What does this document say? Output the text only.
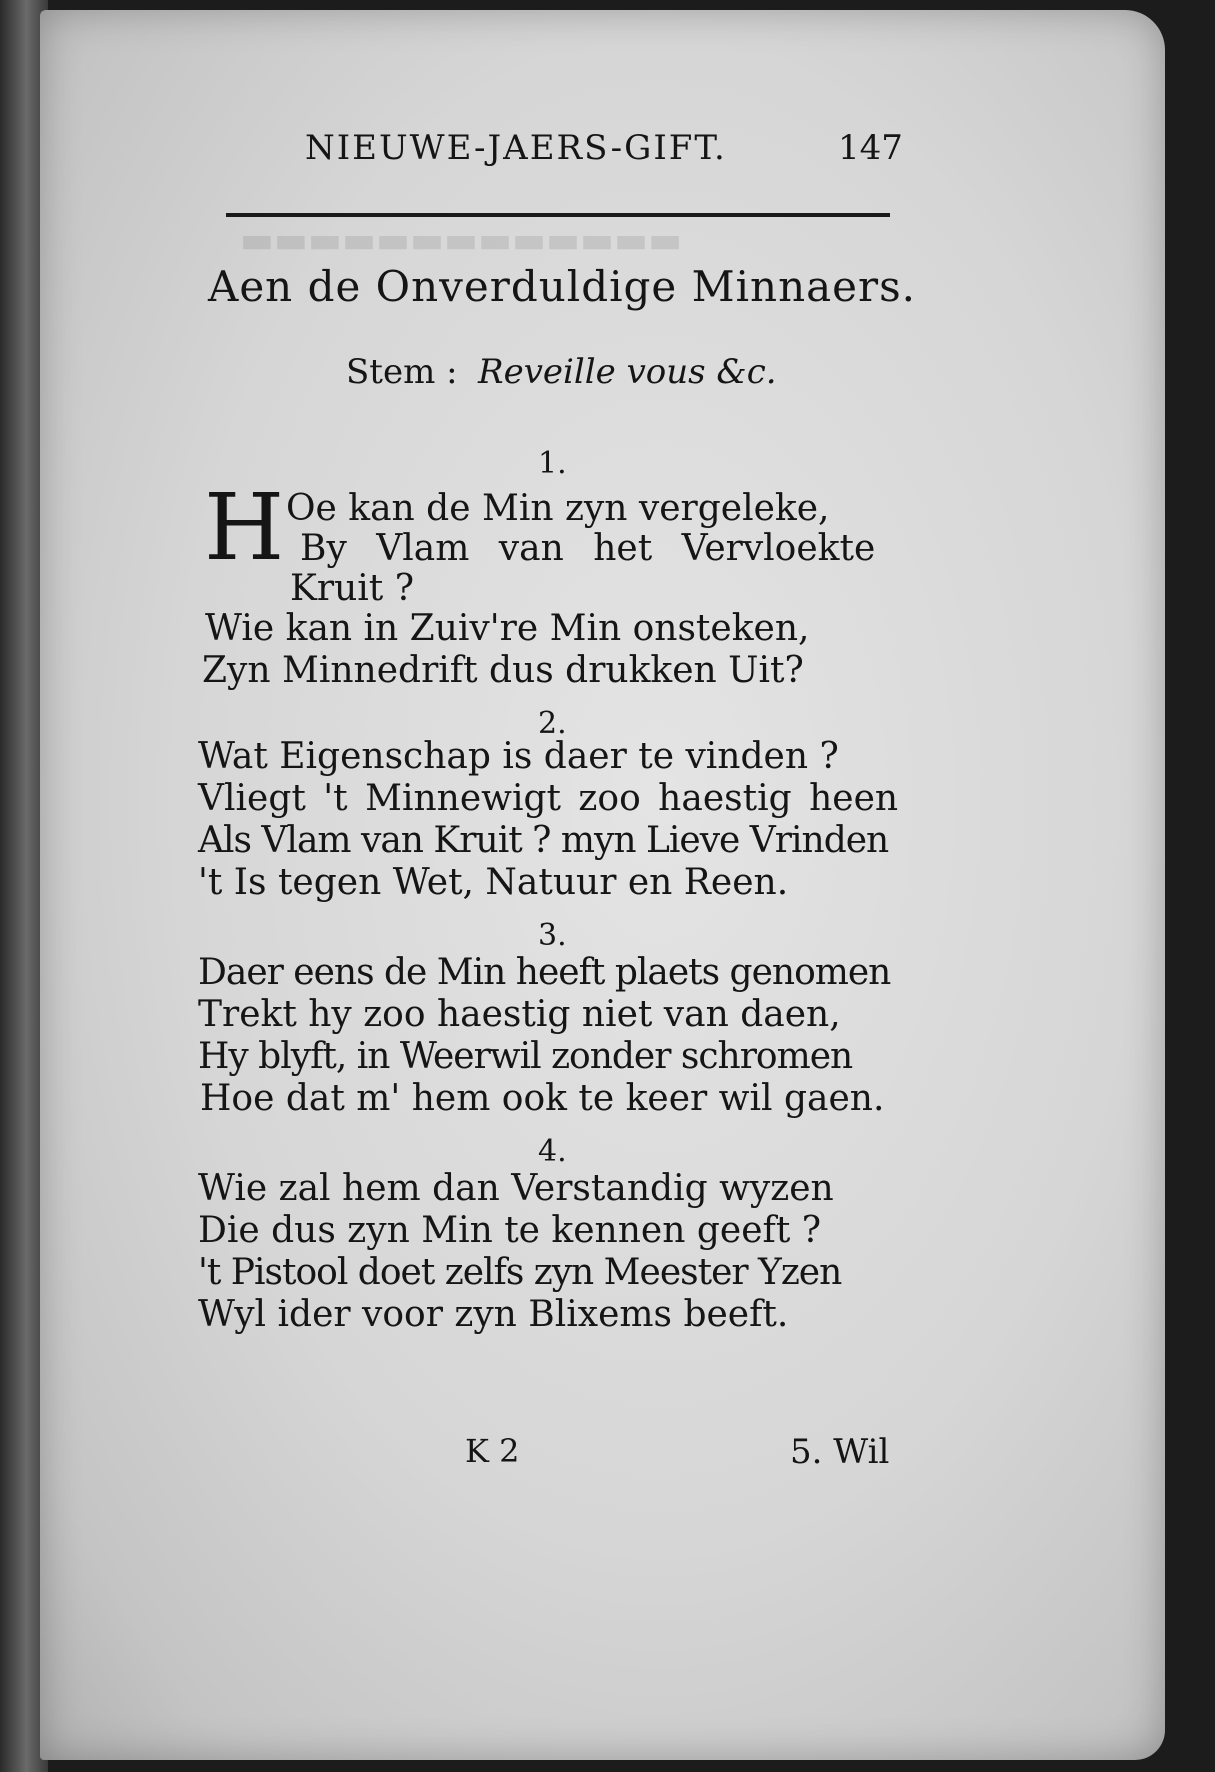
▬▬▬▬▬▬▬▬▬▬▬▬▬
NIEUWE-JAERS-GIFT.	147
Aen de Onverduldige Minnaers.
Stem : Reveille vous &c.
1.
H Oe kan de Min zyn vergeleke,
By Vlam van het Vervloekte
Kruit ?
Wie kan in Zuiv're Min onsteken,
Zyn Minnedrift dus drukken Uit?
2.
Wat Eigenschap is daer te vinden ?
Vliegt 't Minnewigt zoo haestig heen
Als Vlam van Kruit ? myn Lieve Vrinden
't Is tegen Wet, Natuur en Reen.
3.
Daer eens de Min heeft plaets genomen
Trekt hy zoo haestig niet van daen,
Hy blyft, in Weerwil zonder schromen
Hoe dat m' hem ook te keer wil gaen.
4.
Wie zal hem dan Verstandig wyzen
Die dus zyn Min te kennen geeft ?
't Pistool doet zelfs zyn Meester Yzen
Wyl ider voor zyn Blixems beeft.
K 2	5. Wil
